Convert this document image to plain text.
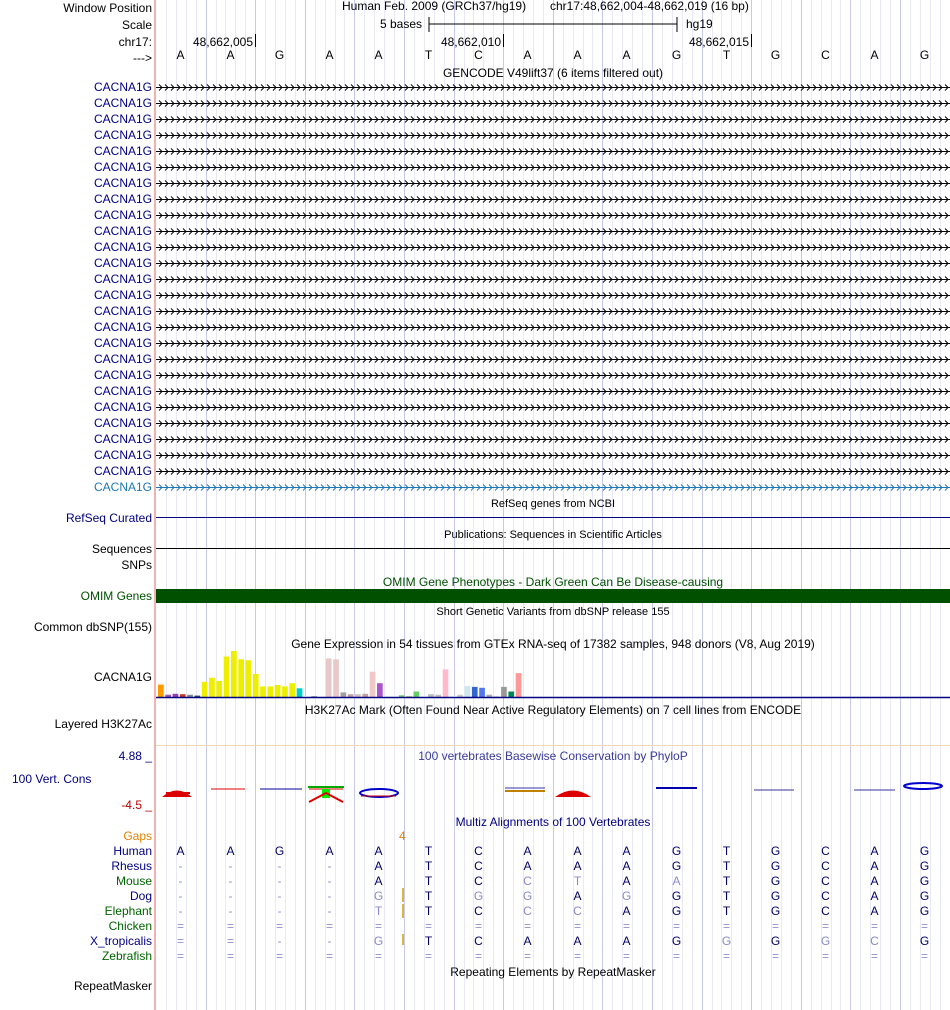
Window Position
Scale
chr17:
--->
CACNA1G
CACNA1G
CACNA1G
CACNA1G
CACNA1G
CACNA1G
CACNA1G
CACNA1G
CACNA1G
CACNA1G
CACNA1G
CACNA1G
CACNA1G
CACNA1G
CACNA1G
CACNA1G
CACNA1G
CACNA1G
CACNA1G
CACNA1G
CACNA1G
CACNA1G
CACNA1G
CACNA1G
CACNA1G
CACNA1G
RefSeq Curated
Sequences
SNPs
OMIM Genes
Common dbSNP(155)
CACNA1G
Layered H3K27Ac
4.88 _
100 Vert. Cons
-4.5 _
Gaps
Human
Rhesus
Mouse
Dog
Elephant
Chicken
X_tropicalis
Zebrafish
RepeatMasker
Human Feb. 2009 (GRCh37/hg19) chr17:48,662,004-48,662,019 (16 bp)
5 bases	hg19
48,662,005	48,662,010	48,662,015
A	A	G	A	A	T	C	A	A	A	G	T	G	C	A	G
GENCODE V49lift37 (6 items filtered out)
RefSeq genes from NCBI
Publications: Sequences in Scientific Articles
OMIM Gene Phenotypes - Dark Green Can Be Disease-causing
Short Genetic Variants from dbSNP release 155
Gene Expression in 54 tissues from GTEx RNA-seq of 17382 samples, 948 donors (V8, Aug 2019)
H3K27Ac Mark (Often Found Near Active Regulatory Elements) on 7 cell lines from ENCODE
100 vertebrates Basewise Conservation by PhyloP
Multiz Alignments of 100 Vertebrates
4
A	A	G	A	A	T	C	A	A	A	G	T	G	C	A	G
-	-	-	-	A	T	C	A	A	A	G	T	G	C	A	G
-	-	-	-	A	T	C	C	T	A	A	T	G	C	A	G
-	-	-	-	G	T	G	G	A	G	G	T	G	C	A	G
-	-	-	-	T	T	C	C	C	A	G	T	G	C	A	G
=	=	=	=	=	=	=	=	=	=	=	=	=	=	=	=
=	=	-	-	G	T	C	A	A	A	G	G	G	G	C	G
=	=	=	=	=	=	=	=	=	=	=	=	=	=	=	=
Repeating Elements by RepeatMasker
